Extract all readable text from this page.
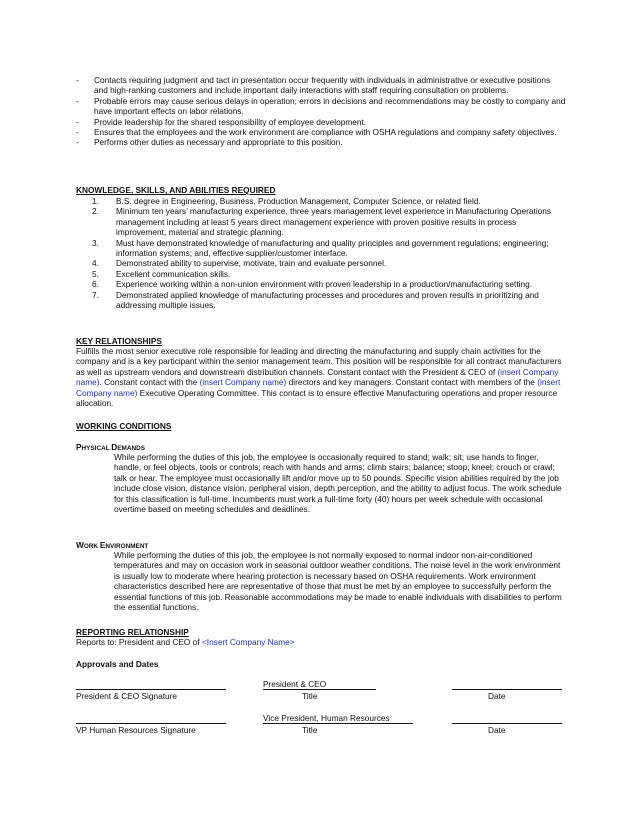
- Contacts requiring judgment and tact in presentation occur frequently with individuals in administrative or executive positions and high-ranking customers and include important daily interactions with staff requiring consultation on problems.
- Probable errors may cause serious delays in operation; errors in decisions and recommendations may be costly to company and have important effects on labor relations.
- Provide leadership for the shared responsibility of employee development.
- Ensures that the employees and the work environment are compliance with OSHA regulations and company safety objectives.
- Performs other duties as necessary and appropriate to this position.
KNOWLEDGE, SKILLS, AND ABILITIES REQUIRED
1. B.S. degree in Engineering, Business, Production Management, Computer Science, or related field.
2. Minimum ten years’ manufacturing experience, three years management level experience in Manufacturing Operations management including at least 5 years direct management experience with proven positive results in process improvement, material and strategic planning.
3. Must have demonstrated knowledge of manufacturing and quality principles and government regulations; engineering; information systems; and, effective supplier/customer interface.
4. Demonstrated ability to supervise, motivate, train and evaluate personnel.
5. Excellent communication skills.
6. Experience working within a non-union environment with proven leadership in a production/manufacturing setting.
7. Demonstrated applied knowledge of manufacturing processes and procedures and proven results in prioritizing and addressing multiple issues.
KEY RELATIONSHIPS
Fulfills the most senior executive role responsible for leading and directing the manufacturing and supply chain activities for the company and is a key participant within the senior management team. This position will be responsible for all contract manufacturers as well as upstream vendors and downstream distribution channels. Constant contact with the President & CEO of (insert Company name). Constant contact with the (insert Company name) directors and key managers. Constant contact with members of the (insert Company name) Executive Operating Committee. This contact is to ensure effective Manufacturing operations and proper resource allocation.
WORKING CONDITIONS
PHYSICAL DEMANDS
While performing the duties of this job, the employee is occasionally required to stand; walk; sit; use hands to finger, handle, or feel objects, tools or controls; reach with hands and arms; climb stairs; balance; stoop; kneel; crouch or crawl; talk or hear. The employee must occasionally lift and/or move up to 50 pounds. Specific vision abilities required by the job include close vision, distance vision, peripheral vision, depth perception, and the ability to adjust focus. The work schedule for this classification is full-time. Incumbents must work a full-time forty (40) hours per week schedule with occasional overtime based on meeting schedules and deadlines.
WORK ENVIRONMENT
While performing the duties of this job, the employee is not normally exposed to normal indoor non-air-conditioned temperatures and may on occasion work in seasonal outdoor weather conditions. The noise level in the work environment is usually low to moderate where hearing protection is necessary based on OSHA requirements. Work environment characteristics described here are representative of those that must be met by an employee to successfully perform the essential functions of this job. Reasonable accommodations may be made to enable individuals with disabilities to perform the essential functions.
REPORTING RELATIONSHIP
Reports to: President and CEO of <Insert Company Name>
Approvals and Dates
President & CEO
President & CEO Signature	Title	Date
Vice President, Human Resources
VP Human Resources Signature	Title	Date
